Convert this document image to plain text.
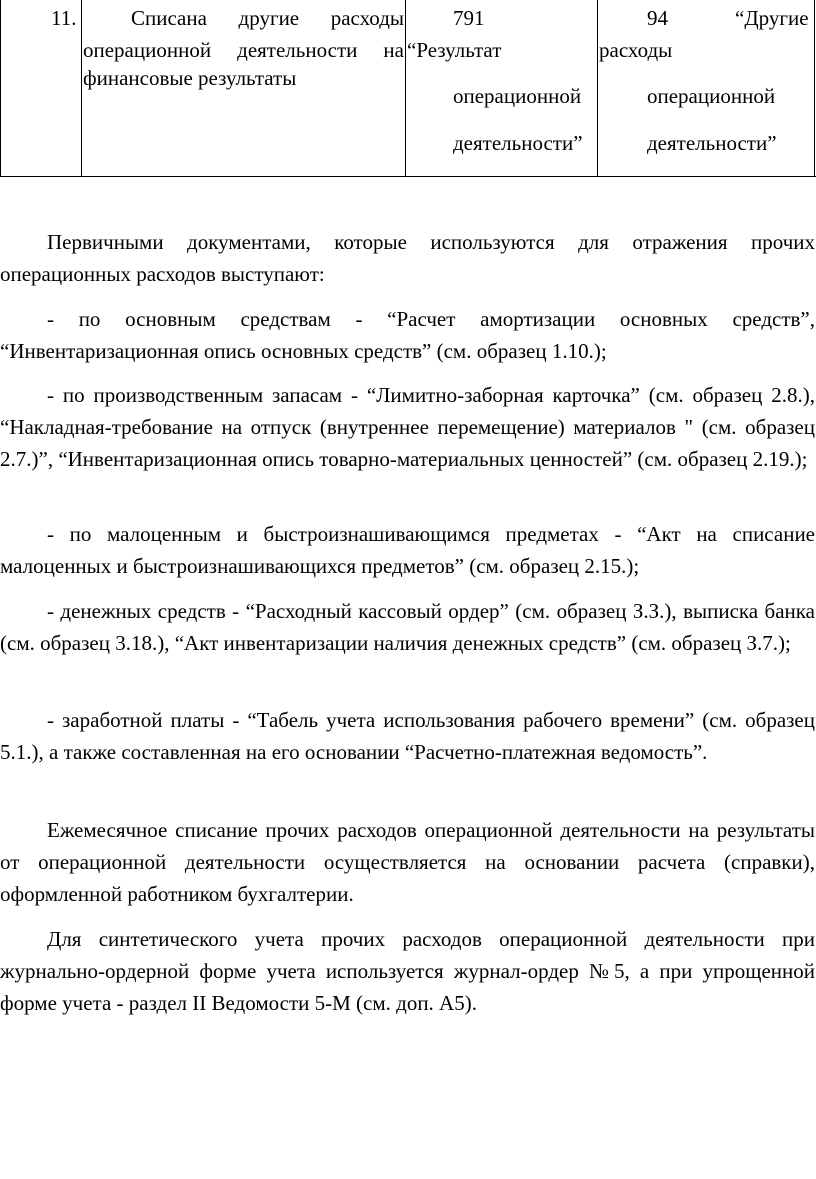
11.	Списана другие расходы
операционной деятельности на
финансовые результаты
791
“Результат
операционной
деятельности”
94	“Другие
расходы
операционной
деятельности”

Первичными документами, которые используются для отражения прочих операционных расходов выступают:

- по основным средствам - “Расчет амортизации основных средств”, “Инвентаризационная опись основных средств” (см. образец 1.10.);

- по производственным запасам - “Лимитно-заборная карточка” (см. образец 2.8.), “Накладная-требование на отпуск (внутреннее перемещение) материалов " (см. образец 2.7.)”, “Инвентаризационная опись товарно-материальных ценностей” (см. образец 2.19.);

- по малоценным и быстроизнашивающимся предметах - “Акт на списание малоценных и быстроизнашивающихся предметов” (см. образец 2.15.);

- денежных средств - “Расходный кассовый ордер” (см. образец З.З.), выписка банка (см. образец 3.18.), “Акт инвентаризации наличия денежных средств” (см. образец З.7.);

- заработной платы - “Табель учета использования рабочего времени” (см. образец 5.1.), а также составленная на его основании “Расчетно-платежная ведомость”.

Ежемесячное списание прочих расходов операционной деятельности на результаты от операционной деятельности осуществляется на основании расчета (справки), оформленной работником бухгалтерии.

Для синтетического учета прочих расходов операционной деятельности при журнально-ордерной форме учета используется журнал-ордер №5, а при упрощенной форме учета - раздел II Ведомости 5-М (см. доп. А5).
